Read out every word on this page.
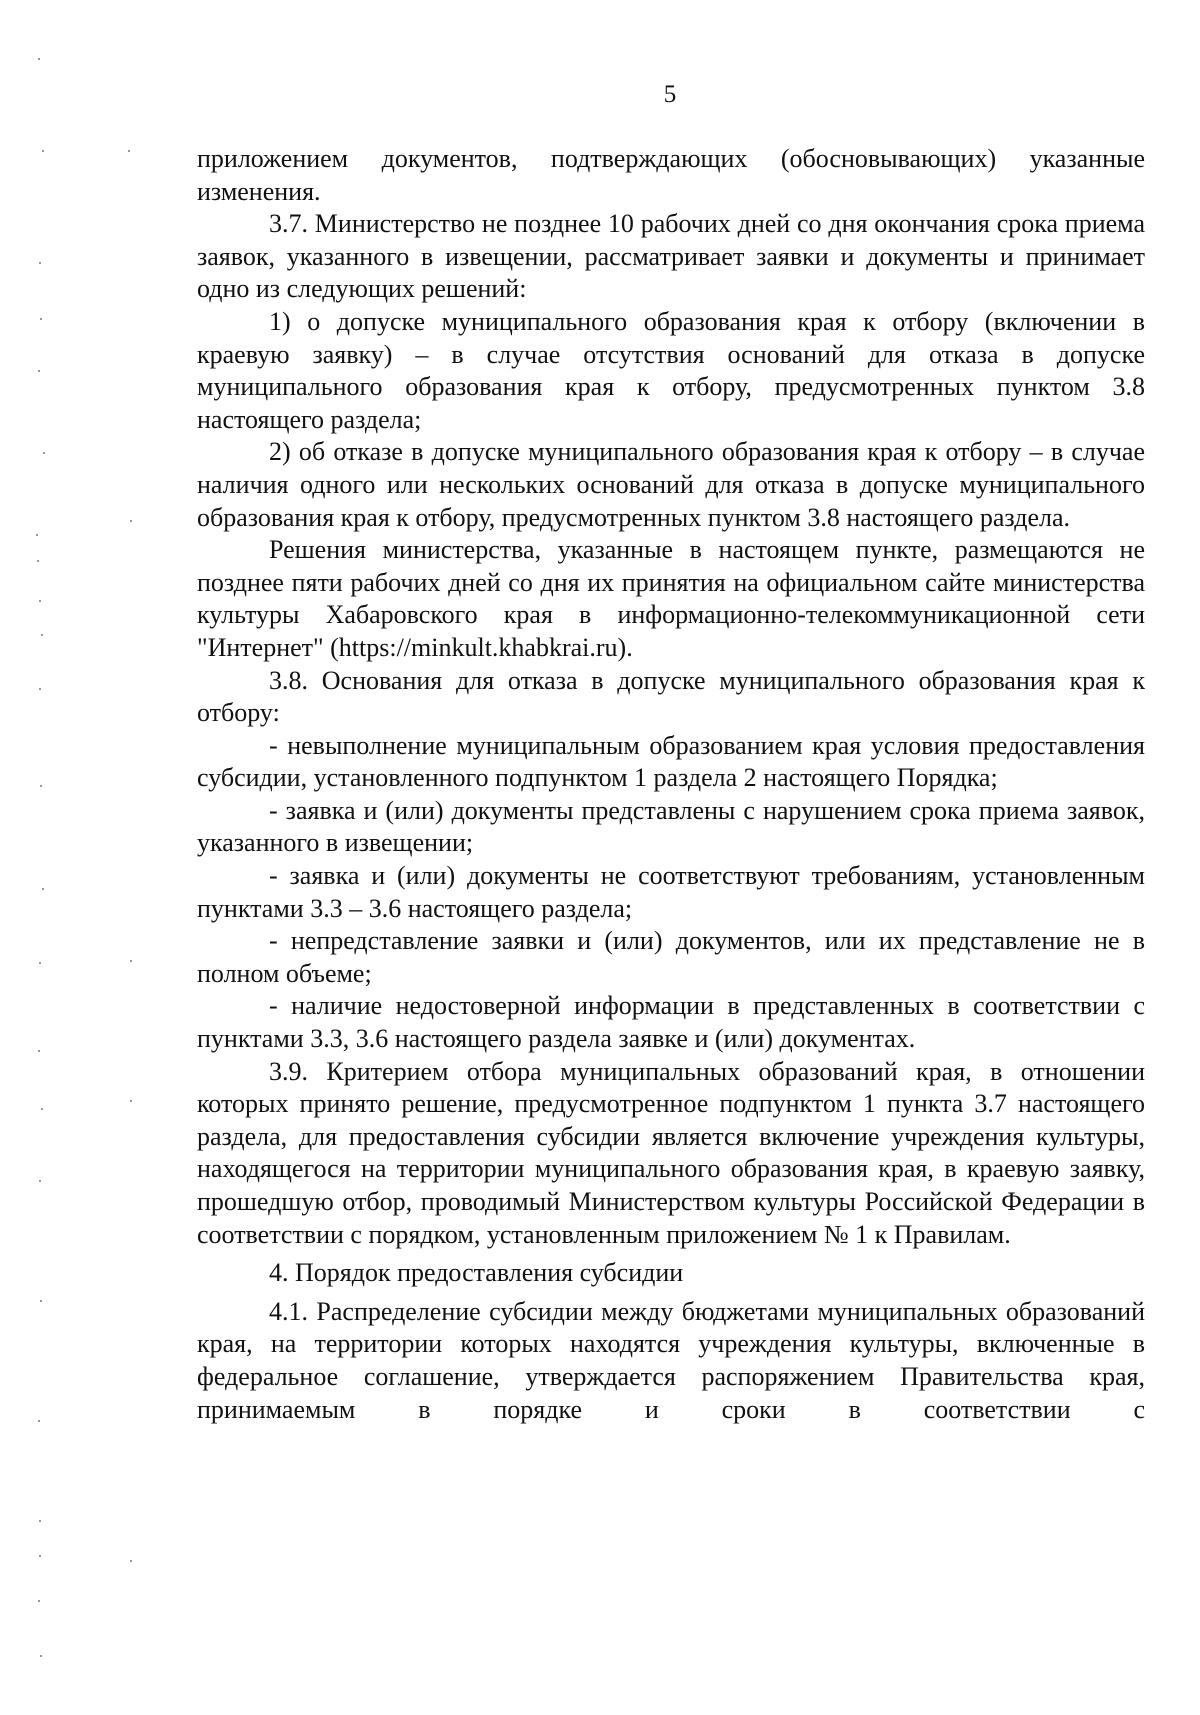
5

приложением документов, подтверждающих (обосновывающих) указанные изменения.

3.7. Министерство не позднее 10 рабочих дней со дня окончания срока приема заявок, указанного в извещении, рассматривает заявки и документы и принимает одно из следующих решений:

1) о допуске муниципального образования края к отбору (включении в краевую заявку) – в случае отсутствия оснований для отказа в допуске муниципального образования края к отбору, предусмотренных пунктом 3.8 настоящего раздела;

2) об отказе в допуске муниципального образования края к отбору – в случае наличия одного или нескольких оснований для отказа в допуске муниципального образования края к отбору, предусмотренных пунктом 3.8 настоящего раздела.

Решения министерства, указанные в настоящем пункте, размещаются не позднее пяти рабочих дней со дня их принятия на официальном сайте министерства культуры Хабаровского края в информационно-телекоммуникационной сети "Интернет" (https://minkult.khabkrai.ru).

3.8. Основания для отказа в допуске муниципального образования края к отбору:

- невыполнение муниципальным образованием края условия предоставления субсидии, установленного подпунктом 1 раздела 2 настоящего Порядка;

- заявка и (или) документы представлены с нарушением срока приема заявок, указанного в извещении;

- заявка и (или) документы не соответствуют требованиям, установленным пунктами 3.3 – 3.6 настоящего раздела;

- непредставление заявки и (или) документов, или их представление не в полном объеме;

- наличие недостоверной информации в представленных в соответствии с пунктами 3.3, 3.6 настоящего раздела заявке и (или) документах.

3.9. Критерием отбора муниципальных образований края, в отношении которых принято решение, предусмотренное подпунктом 1 пункта 3.7 настоящего раздела, для предоставления субсидии является включение учреждения культуры, находящегося на территории муниципального образования края, в краевую заявку, прошедшую отбор, проводимый Министерством культуры Российской Федерации в соответствии с порядком, установленным приложением № 1 к Правилам.

4. Порядок предоставления субсидии

4.1. Распределение субсидии между бюджетами муниципальных образований края, на территории которых находятся учреждения культуры, включенные в федеральное соглашение, утверждается распоряжением Правительства края, принимаемым в порядке и сроки в соответствии с
